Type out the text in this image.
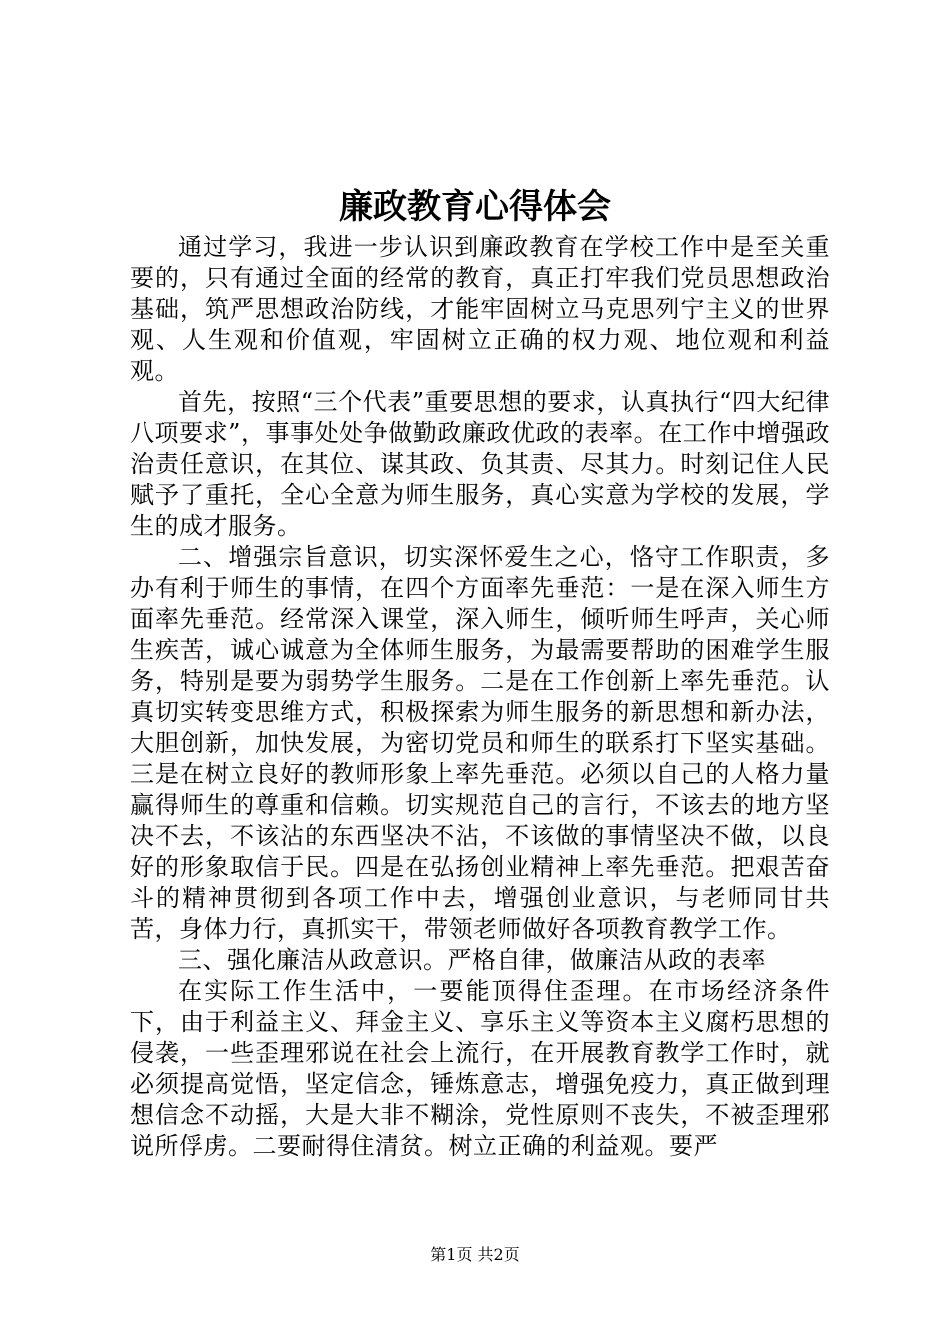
廉政教育心得体会

通过学习，我进一步认识到廉政教育在学校工作中是至关重要的，只有通过全面的经常的教育，真正打牢我们党员思想政治基础，筑严思想政治防线，才能牢固树立马克思列宁主义的世界观、人生观和价值观，牢固树立正确的权力观、地位观和利益观。

首先，按照“三个代表”重要思想的要求，认真执行“四大纪律八项要求”，事事处处争做勤政廉政优政的表率。在工作中增强政治责任意识，在其位、谋其政、负其责、尽其力。时刻记住人民赋予了重托，全心全意为师生服务，真心实意为学校的发展，学生的成才服务。

二、增强宗旨意识，切实深怀爱生之心，恪守工作职责，多办有利于师生的事情，在四个方面率先垂范：一是在深入师生方面率先垂范。经常深入课堂，深入师生，倾听师生呼声，关心师生疾苦，诚心诚意为全体师生服务，为最需要帮助的困难学生服务，特别是要为弱势学生服务。二是在工作创新上率先垂范。认真切实转变思维方式，积极探索为师生服务的新思想和新办法，大胆创新，加快发展，为密切党员和师生的联系打下坚实基础。三是在树立良好的教师形象上率先垂范。必须以自己的人格力量赢得师生的尊重和信赖。切实规范自己的言行，不该去的地方坚决不去，不该沾的东西坚决不沾，不该做的事情坚决不做，以良好的形象取信于民。四是在弘扬创业精神上率先垂范。把艰苦奋斗的精神贯彻到各项工作中去，增强创业意识，与老师同甘共苦，身体力行，真抓实干，带领老师做好各项教育教学工作。

三、强化廉洁从政意识。严格自律，做廉洁从政的表率

在实际工作生活中，一要能顶得住歪理。在市场经济条件下，由于利益主义、拜金主义、享乐主义等资本主义腐朽思想的侵袭，一些歪理邪说在社会上流行，在开展教育教学工作时，就必须提高觉悟，坚定信念，锤炼意志，增强免疫力，真正做到理想信念不动摇，大是大非不糊涂，党性原则不丧失，不被歪理邪说所俘虏。二要耐得住清贫。树立正确的利益观。要严

第1页 共2页
